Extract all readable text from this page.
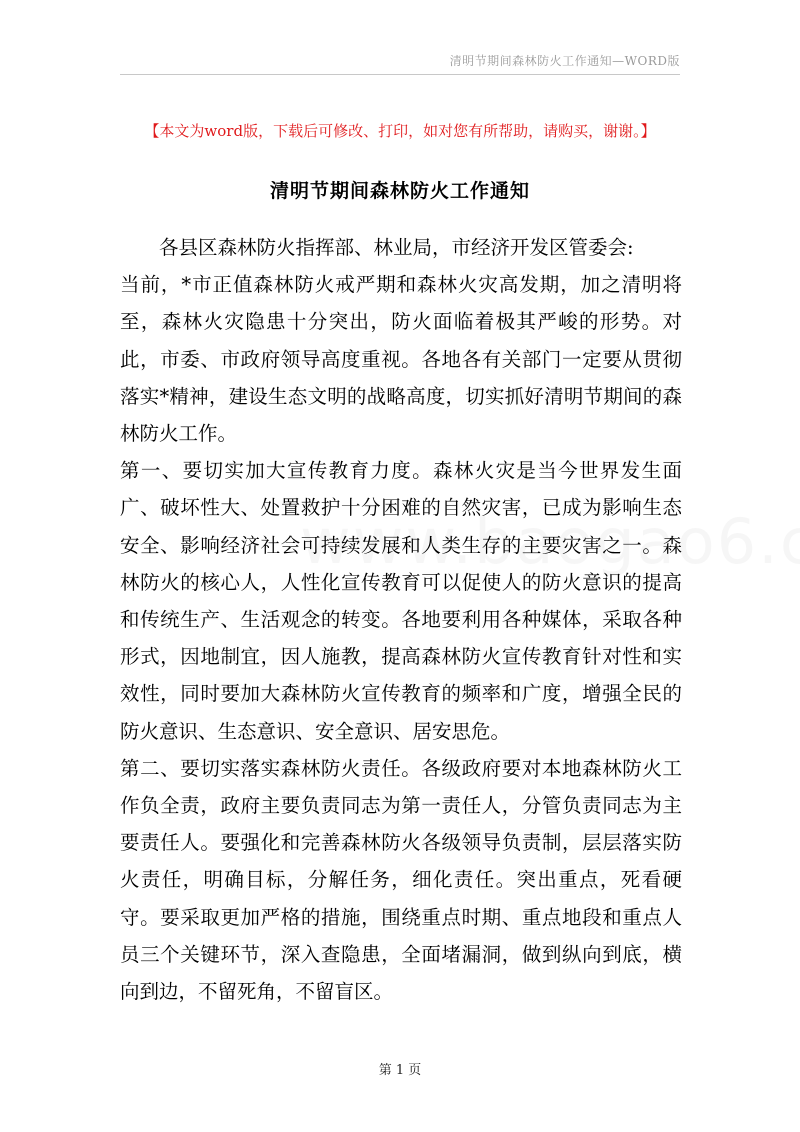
清明节期间森林防火工作通知—WORD版
【本文为word版，下载后可修改、打印，如对您有所帮助，请购买，谢谢。】
清明节期间森林防火工作通知

各县区森林防火指挥部、林业局，市经济开发区管委会:

当前，*市正值森林防火戒严期和森林火灾高发期，加之清明将至，森林火灾隐患十分突出，防火面临着极其严峻的形势。对此，市委、市政府领导高度重视。各地各有关部门一定要从贯彻落实*精神，建设生态文明的战略高度，切实抓好清明节期间的森林防火工作。

第一、要切实加大宣传教育力度。森林火灾是当今世界发生面广、破坏性大、处置救护十分困难的自然灾害，已成为影响生态安全、影响经济社会可持续发展和人类生存的主要灾害之一。森林防火的核心人，人性化宣传教育可以促使人的防火意识的提高和传统生产、生活观念的转变。各地要利用各种媒体，采取各种形式，因地制宜，因人施教，提高森林防火宣传教育针对性和实效性，同时要加大森林防火宣传教育的频率和广度，增强全民的防火意识、生态意识、安全意识、居安思危。

第二、要切实落实森林防火责任。各级政府要对本地森林防火工作负全责，政府主要负责同志为第一责任人，分管负责同志为主要责任人。要强化和完善森林防火各级领导负责制，层层落实防火责任，明确目标，分解任务，细化责任。突出重点，死看硬守。要采取更加严格的措施，围绕重点时期、重点地段和重点人员三个关键环节，深入查隐患，全面堵漏洞，做到纵向到底，横向到边，不留死角，不留盲区。

第 1 页
